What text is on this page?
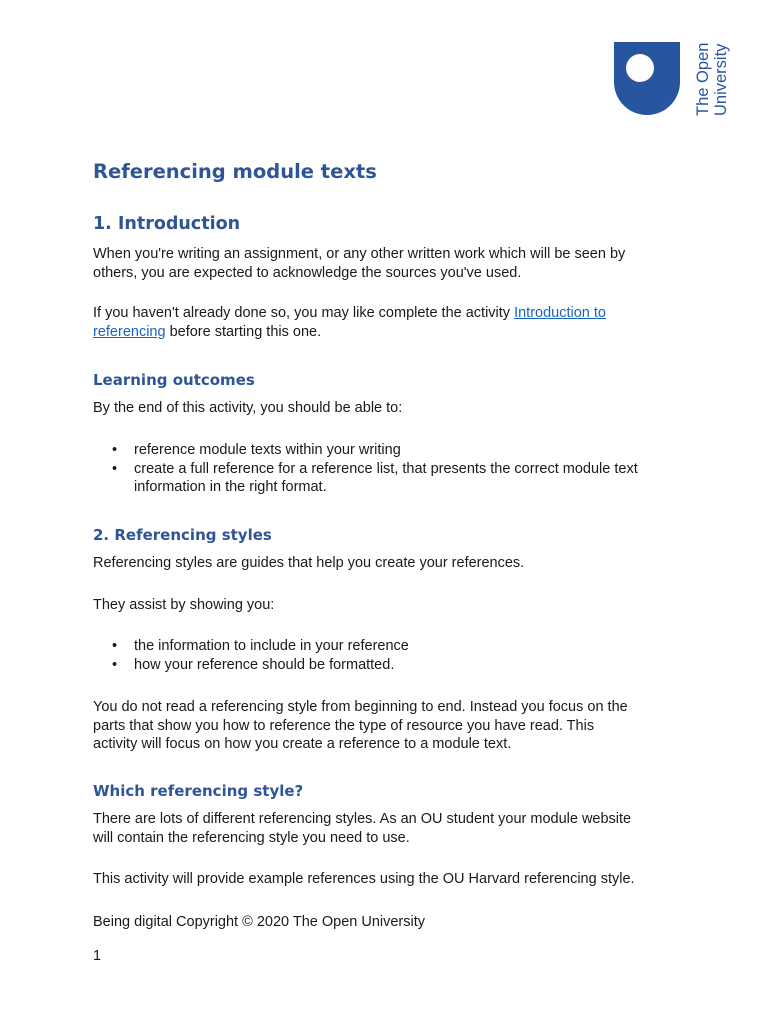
The Open University
Referencing module texts
1. Introduction

When you're writing an assignment, or any other written work which will be seen by
others, you are expected to acknowledge the sources you've used.

If you haven't already done so, you may like complete the activity Introduction to
referencing before starting this one.

Learning outcomes

By the end of this activity, you should be able to:

• reference module texts within your writing
• create a full reference for a reference list, that presents the correct module text
information in the right format.
2. Referencing styles

Referencing styles are guides that help you create your references.

They assist by showing you:

• the information to include in your reference
• how your reference should be formatted.

You do not read a referencing style from beginning to end. Instead you focus on the
parts that show you how to reference the type of resource you have read. This
activity will focus on how you create a reference to a module text.

Which referencing style?

There are lots of different referencing styles. As an OU student your module website
will contain the referencing style you need to use.

This activity will provide example references using the OU Harvard referencing style.

Being digital Copyright © 2020 The Open University

1
